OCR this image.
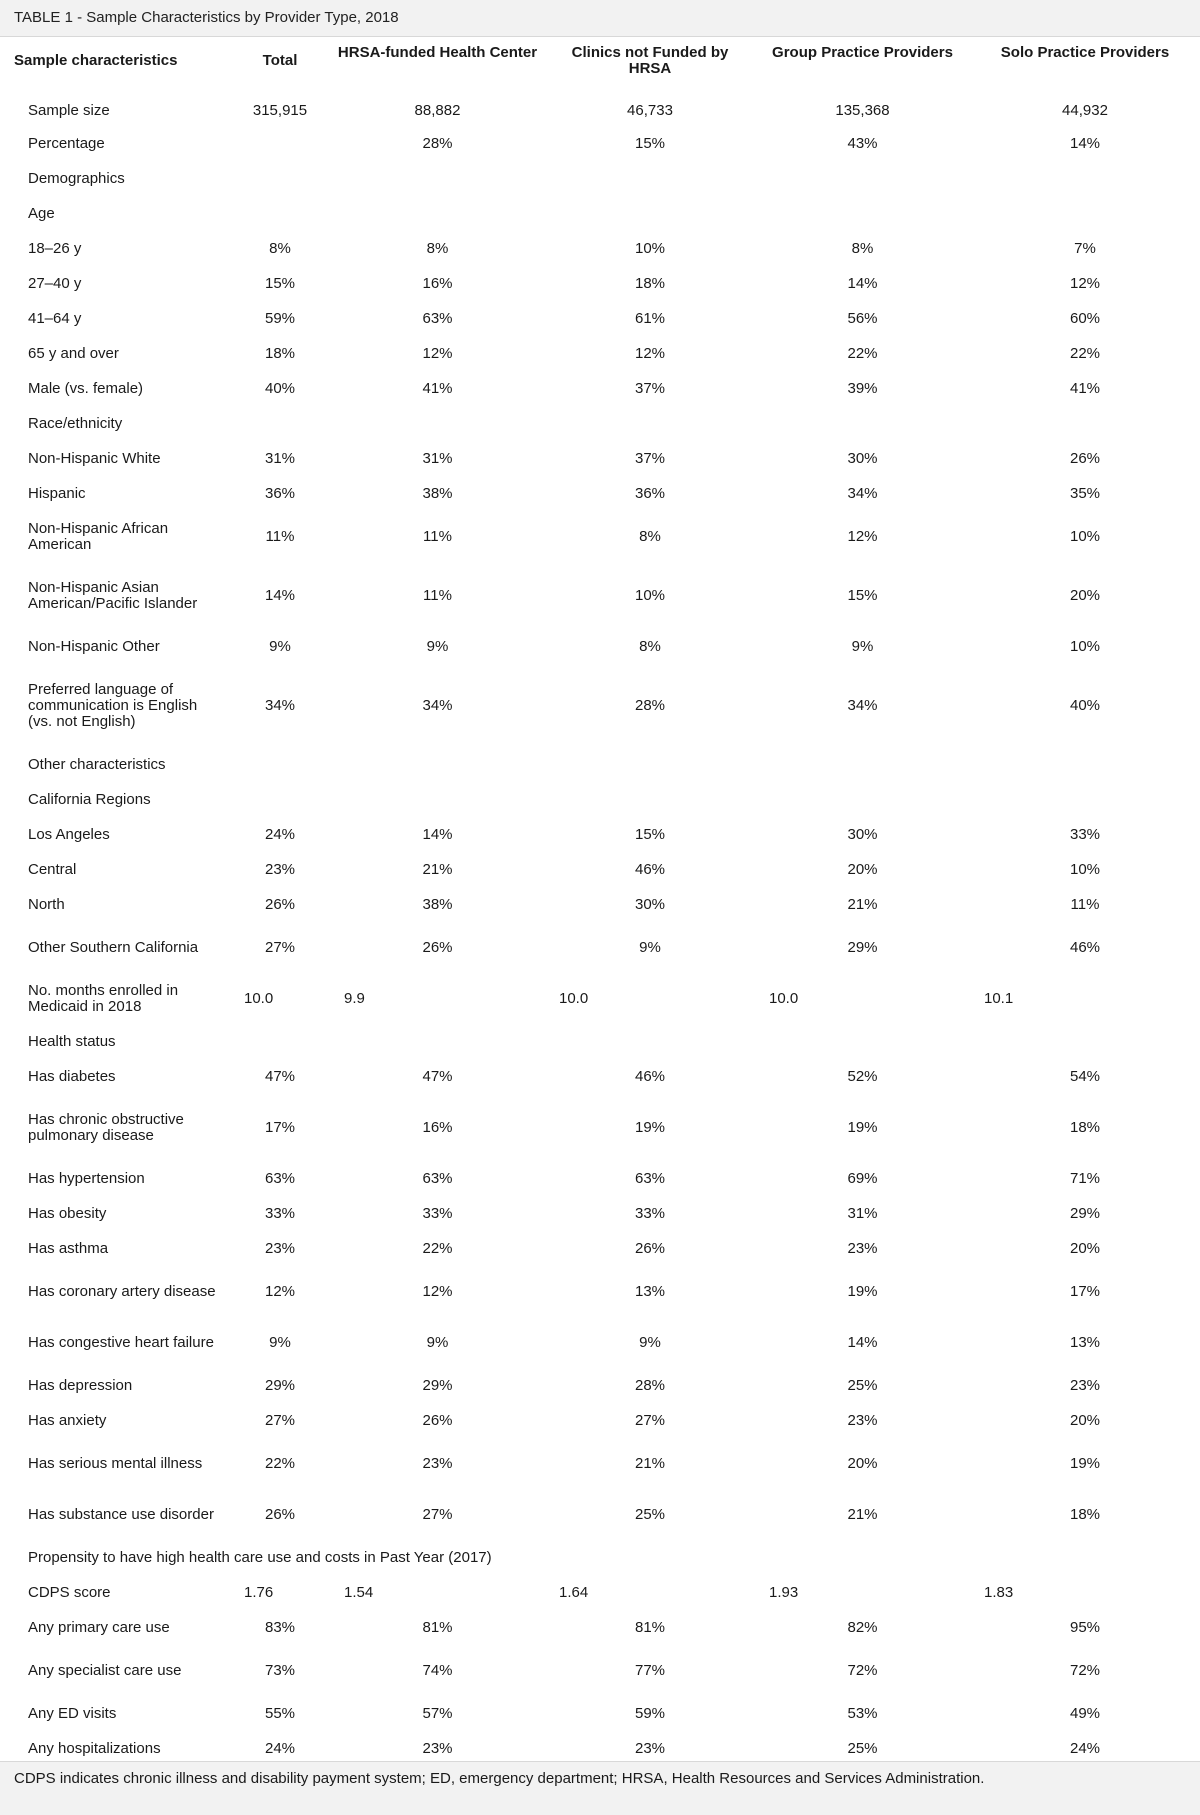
TABLE 1 - Sample Characteristics by Provider Type, 2018
Sample characteristics	Total	HRSA-funded Health Center	Clinics not Funded by HRSA	Group Practice Providers	Solo Practice Providers
Sample size	315,915	88,882	46,733	135,368	44,932
Percentage		28%	15%	43%	14%
Demographics					
Age					
18–26 y	8%	8%	10%	8%	7%
27–40 y	15%	16%	18%	14%	12%
41–64 y	59%	63%	61%	56%	60%
65 y and over	18%	12%	12%	22%	22%
Male (vs. female)	40%	41%	37%	39%	41%
Race/ethnicity					
Non-Hispanic White	31%	31%	37%	30%	26%
Hispanic	36%	38%	36%	34%	35%
Non-Hispanic African American	11%	11%	8%	12%	10%
Non-Hispanic Asian American/Pacific Islander	14%	11%	10%	15%	20%
Non-Hispanic Other	9%	9%	8%	9%	10%
Preferred language of communication is English (vs. not English)	34%	34%	28%	34%	40%
Other characteristics					
California Regions					
Los Angeles	24%	14%	15%	30%	33%
Central	23%	21%	46%	20%	10%
North	26%	38%	30%	21%	11%
Other Southern California	27%	26%	9%	29%	46%
No. months enrolled in Medicaid in 2018	10.0	9.9	10.0	10.0	10.1
Health status					
Has diabetes	47%	47%	46%	52%	54%
Has chronic obstructive pulmonary disease	17%	16%	19%	19%	18%
Has hypertension	63%	63%	63%	69%	71%
Has obesity	33%	33%	33%	31%	29%
Has asthma	23%	22%	26%	23%	20%
Has coronary artery disease	12%	12%	13%	19%	17%
Has congestive heart failure	9%	9%	9%	14%	13%
Has depression	29%	29%	28%	25%	23%
Has anxiety	27%	26%	27%	23%	20%
Has serious mental illness	22%	23%	21%	20%	19%
Has substance use disorder	26%	27%	25%	21%	18%
Propensity to have high health care use and costs in Past Year (2017)					
CDPS score	1.76	1.54	1.64	1.93	1.83
Any primary care use	83%	81%	81%	82%	95%
Any specialist care use	73%	74%	77%	72%	72%
Any ED visits	55%	57%	59%	53%	49%
Any hospitalizations	24%	23%	23%	25%	24%
CDPS indicates chronic illness and disability payment system; ED, emergency department; HRSA, Health Resources and Services Administration.
